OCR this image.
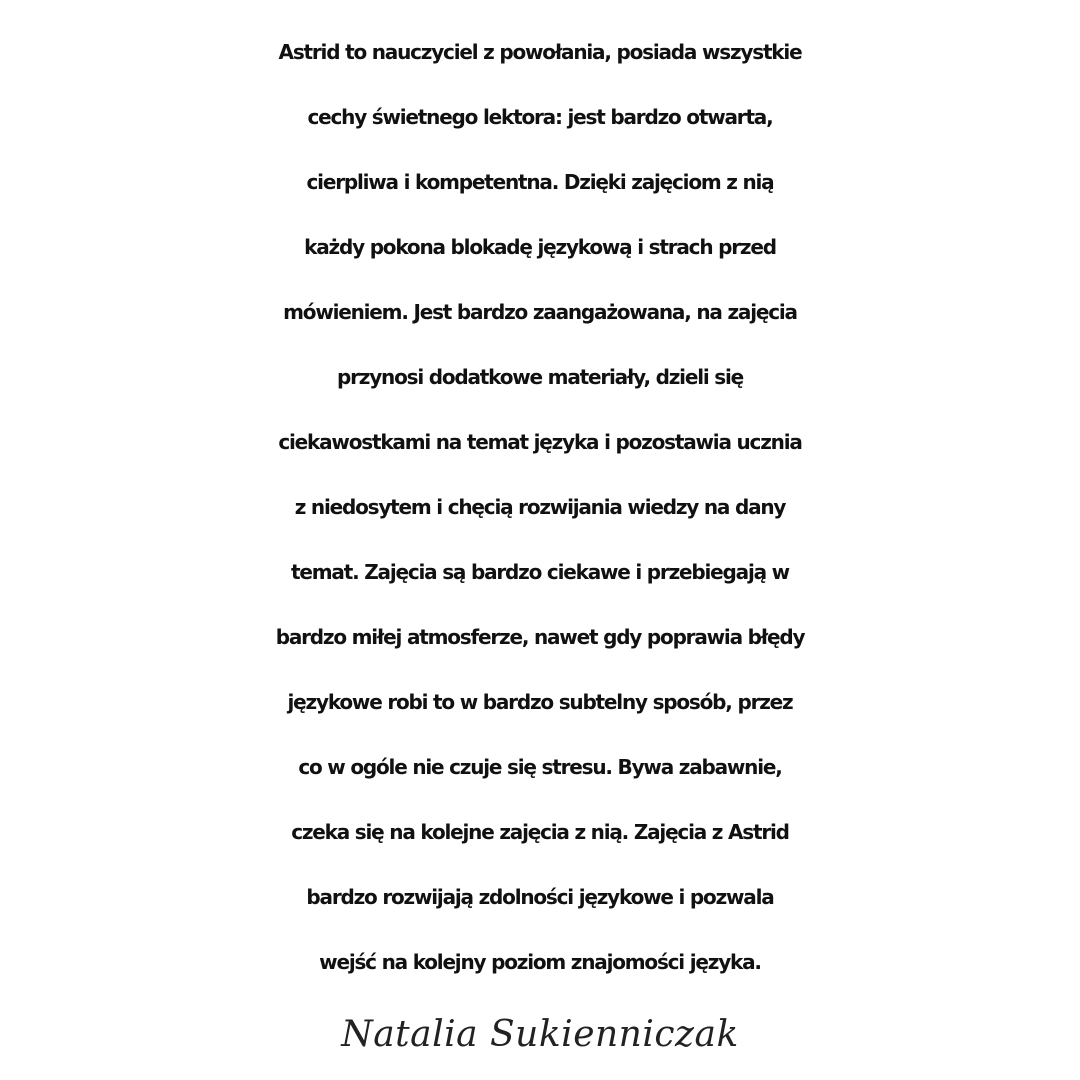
Astrid to nauczyciel z powołania, posiada wszystkie
cechy świetnego lektora: jest bardzo otwarta,
cierpliwa i kompetentna. Dzięki zajęciom z nią
każdy pokona blokadę językową i strach przed
mówieniem. Jest bardzo zaangażowana, na zajęcia
przynosi dodatkowe materiały, dzieli się
ciekawostkami na temat języka i pozostawia ucznia
z niedosytem i chęcią rozwijania wiedzy na dany
temat. Zajęcia są bardzo ciekawe i przebiegają w
bardzo miłej atmosferze, nawet gdy poprawia błędy
językowe robi to w bardzo subtelny sposób, przez
co w ogóle nie czuje się stresu. Bywa zabawnie,
czeka się na kolejne zajęcia z nią. Zajęcia z Astrid
bardzo rozwijają zdolności językowe i pozwala
wejść na kolejny poziom znajomości języka.

Natalia Sukienniczak
